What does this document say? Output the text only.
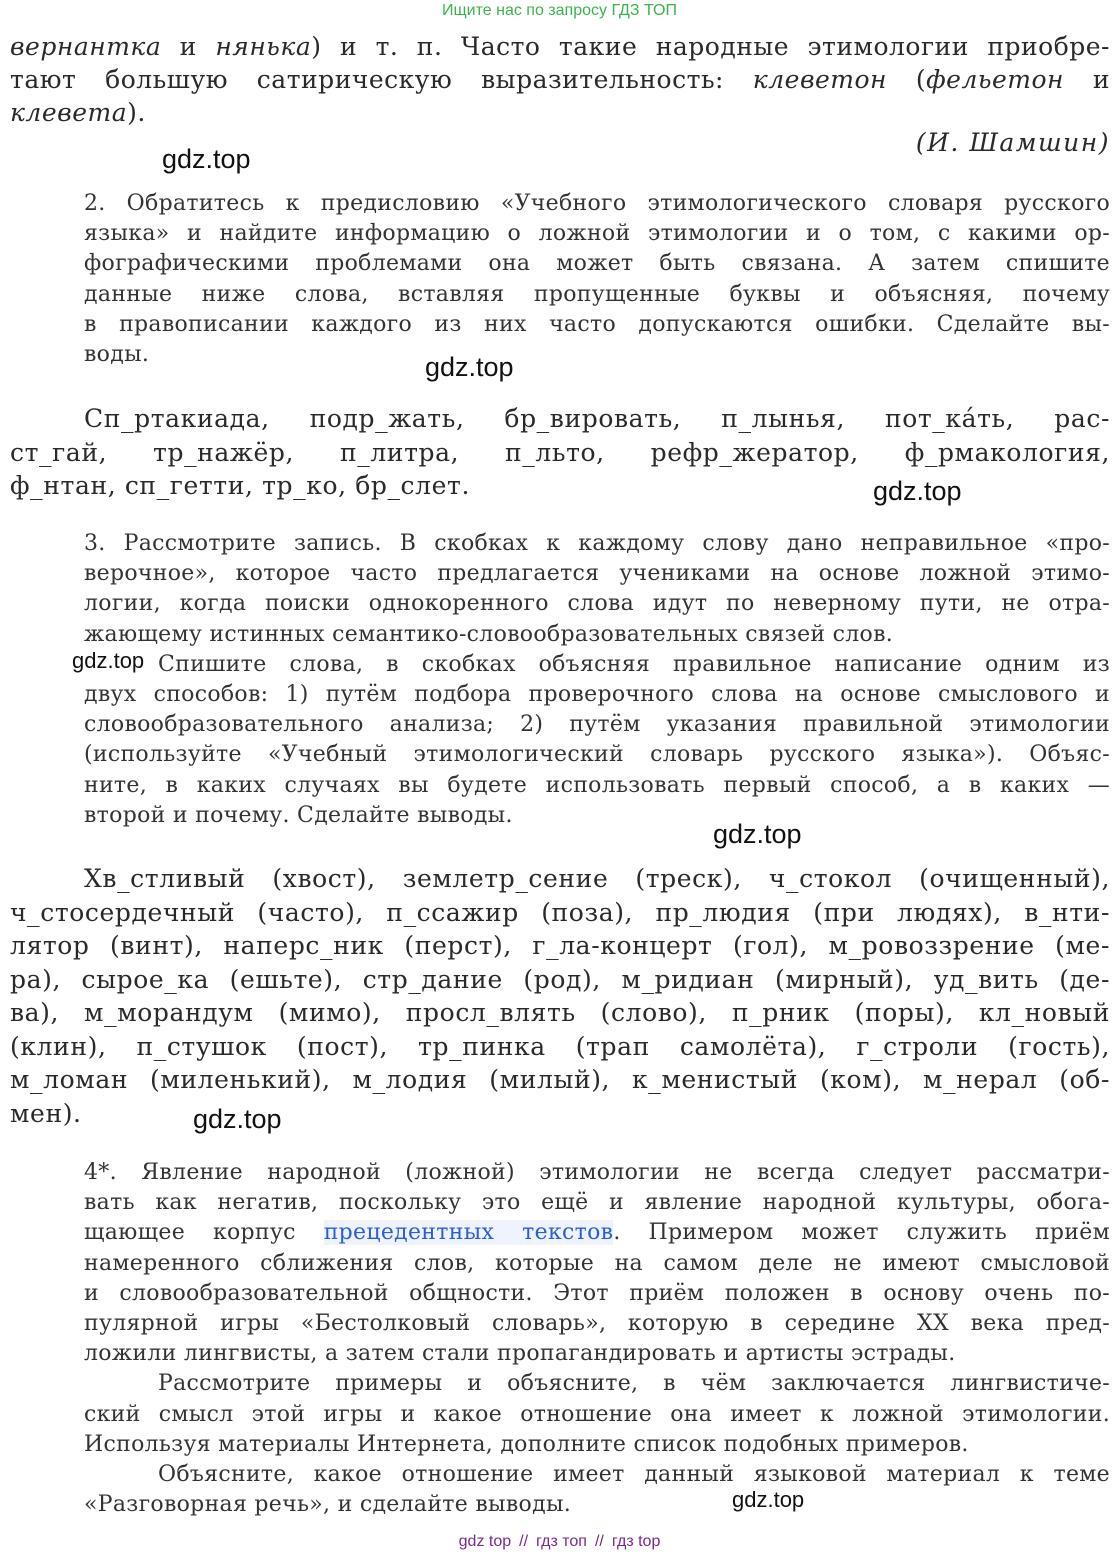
Ищите нас по запросу ГДЗ ТОП
вернантка и нянька) и т. п. Часто такие народные этимологии приобре-
тают большую сатирическую выразительность: клеветон (фельетон и
клевета).
(И. Шамшин)
gdz.top
2. Обратитесь к предисловию «Учебного этимологического словаря русского
языка» и найдите информацию о ложной этимологии и о том, с какими ор-
фографическими проблемами она может быть связана. А затем спишите
данные ниже слова, вставляя пропущенные буквы и объясняя, почему
в правописании каждого из них часто допускаются ошибки. Сделайте вы-
воды.	gdz.top
Сп_ртакиада, подр_жать, бр_вировать, п_лынья, пот_ка́ть, рас-
ст_гай, тр_нажёр, п_литра, п_льто, рефр_жератор, ф_рмакология,
ф_нтан, сп_гетти, тр_ко, бр_слет.	gdz.top
3. Рассмотрите запись. В скобках к каждому слову дано неправильное «про-
верочное», которое часто предлагается учениками на основе ложной этимо-
логии, когда поиски однокоренного слова идут по неверному пути, не отра-
жающему истинных семантико-словообразовательных связей слов.
Спишите слова, в скобках объясняя правильное написание одним из
двух способов: 1) путём подбора проверочного слова на основе смыслового и
словообразовательного анализа; 2) путём указания правильной этимологии
(используйте «Учебный этимологический словарь русского языка»). Объяс-
ните, в каких случаях вы будете использовать первый способ, а в каких —
второй и почему. Сделайте выводы.
gdz.top
gdz.top
Хв_стливый (хвост), землетр_сение (треск), ч_стокол (очищенный),
ч_стосердечный (часто), п_ссажир (поза), пр_людия (при людях), в_нти-
лятор (винт), наперс_ник (перст), г_ла-концерт (гол), м_ровоззрение (ме-
ра), сырое_ка (ешьте), стр_дание (род), м_ридиан (мирный), уд_вить (де-
ва), м_морандум (мимо), просл_влять (слово), п_рник (поры), кл_новый
(клин), п_стушок (пост), тр_пинка (трап самолёта), г_строли (гость),
м_ломан (миленький), м_лодия (милый), к_менистый (ком), м_нерал (об-
мен).	gdz.top
4*. Явление народной (ложной) этимологии не всегда следует рассматри-
вать как негатив, поскольку это ещё и явление народной культуры, обога-
щающее корпус прецедентных текстов. Примером может служить приём
намеренного сближения слов, которые на самом деле не имеют смысловой
и словообразовательной общности. Этот приём положен в основу очень по-
пулярной игры «Бестолковый словарь», которую в середине XX века пред-
ложили лингвисты, а затем стали пропагандировать и артисты эстрады.
Рассмотрите примеры и объясните, в чём заключается лингвистиче-
ский смысл этой игры и какое отношение она имеет к ложной этимологии.
Используя материалы Интернета, дополните список подобных примеров.
Объясните, какое отношение имеет данный языковой материал к теме
«Разговорная речь», и сделайте выводы.	gdz.top
gdz top // гдз топ // гдз top
